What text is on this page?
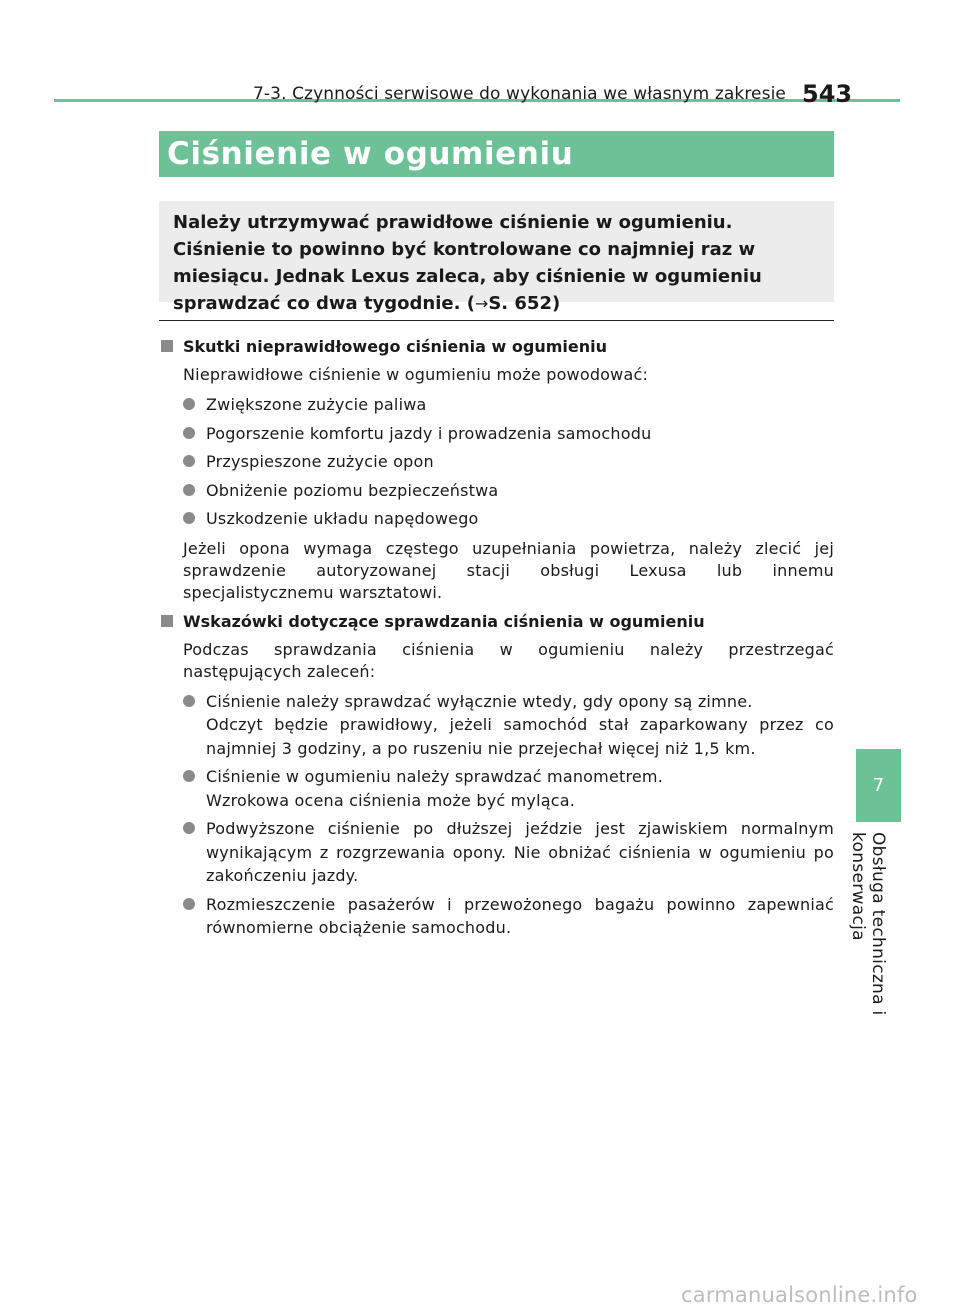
7-3. Czynności serwisowe do wykonania we własnym zakresie 543
Ciśnienie w ogumieniu
Należy utrzymywać prawidłowe ciśnienie w ogumieniu. Ciśnienie to powinno być kontrolowane co najmniej raz w miesiącu. Jednak Lexus zaleca, aby ciśnienie w ogumieniu sprawdzać co dwa tygodnie. (→S. 652)
Skutki nieprawidłowego ciśnienia w ogumieniu
Nieprawidłowe ciśnienie w ogumieniu może powodować:
Zwiększone zużycie paliwa
Pogorszenie komfortu jazdy i prowadzenia samochodu
Przyspieszone zużycie opon
Obniżenie poziomu bezpieczeństwa
Uszkodzenie układu napędowego
Jeżeli opona wymaga częstego uzupełniania powietrza, należy zlecić jej sprawdzenie autoryzowanej stacji obsługi Lexusa lub innemu specjalistycznemu warsztatowi.
Wskazówki dotyczące sprawdzania ciśnienia w ogumieniu
Podczas sprawdzania ciśnienia w ogumieniu należy przestrzegać następujących zaleceń:
Ciśnienie należy sprawdzać wyłącznie wtedy, gdy opony są zimne.
Odczyt będzie prawidłowy, jeżeli samochód stał zaparkowany przez co najmniej 3 godziny, a po ruszeniu nie przejechał więcej niż 1,5 km.
Ciśnienie w ogumieniu należy sprawdzać manometrem.
Wzrokowa ocena ciśnienia może być myląca.
Podwyższone ciśnienie po dłuższej jeździe jest zjawiskiem normalnym wynikającym z rozgrzewania opony. Nie obniżać ciśnienia w ogumieniu po zakończeniu jazdy.
Rozmieszczenie pasażerów i przewożonego bagażu powinno zapewniać równomierne obciążenie samochodu.
7
Obsługa techniczna i konserwacja
carmanualsonline.info
